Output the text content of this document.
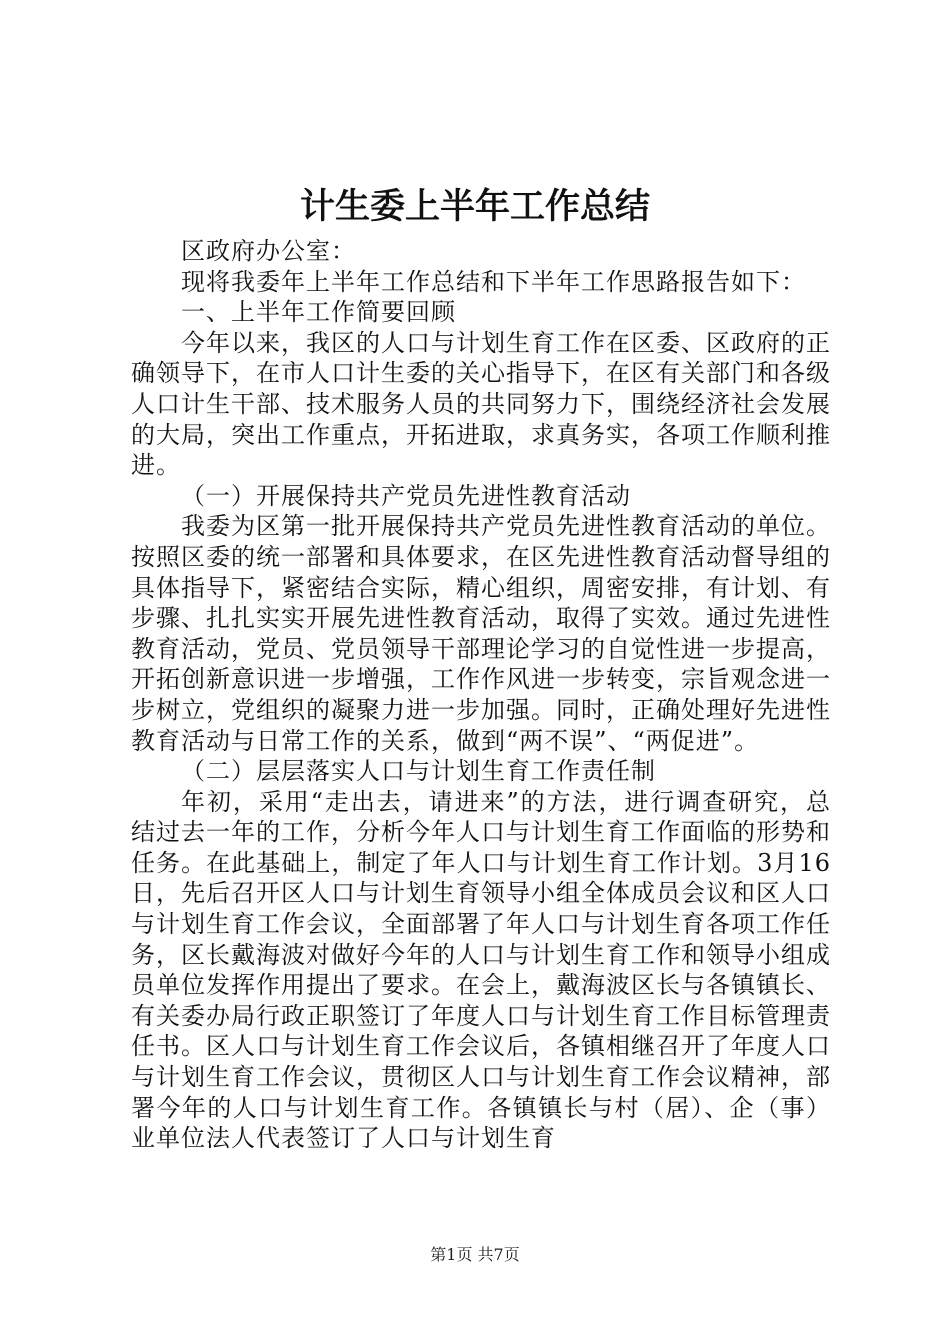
计生委上半年工作总结

区政府办公室：

现将我委年上半年工作总结和下半年工作思路报告如下：

一、上半年工作简要回顾

今年以来，我区的人口与计划生育工作在区委、区政府的正确领导下，在市人口计生委的关心指导下，在区有关部门和各级人口计生干部、技术服务人员的共同努力下，围绕经济社会发展的大局，突出工作重点，开拓进取，求真务实，各项工作顺利推进。

（一）开展保持共产党员先进性教育活动

我委为区第一批开展保持共产党员先进性教育活动的单位。按照区委的统一部署和具体要求，在区先进性教育活动督导组的具体指导下，紧密结合实际，精心组织，周密安排，有计划、有步骤、扎扎实实开展先进性教育活动，取得了实效。通过先进性教育活动，党员、党员领导干部理论学习的自觉性进一步提高，开拓创新意识进一步增强，工作作风进一步转变，宗旨观念进一步树立，党组织的凝聚力进一步加强。同时，正确处理好先进性教育活动与日常工作的关系，做到“两不误”、“两促进”。

（二）层层落实人口与计划生育工作责任制

年初，采用“走出去，请进来”的方法，进行调查研究，总结过去一年的工作，分析今年人口与计划生育工作面临的形势和任务。在此基础上，制定了年人口与计划生育工作计划。3月16日，先后召开区人口与计划生育领导小组全体成员会议和区人口与计划生育工作会议，全面部署了年人口与计划生育各项工作任务，区长戴海波对做好今年的人口与计划生育工作和领导小组成员单位发挥作用提出了要求。在会上，戴海波区长与各镇镇长、有关委办局行政正职签订了年度人口与计划生育工作目标管理责任书。区人口与计划生育工作会议后，各镇相继召开了年度人口与计划生育工作会议，贯彻区人口与计划生育工作会议精神，部署今年的人口与计划生育工作。各镇镇长与村（居）、企（事）业单位法人代表签订了人口与计划生育

第1页 共7页
